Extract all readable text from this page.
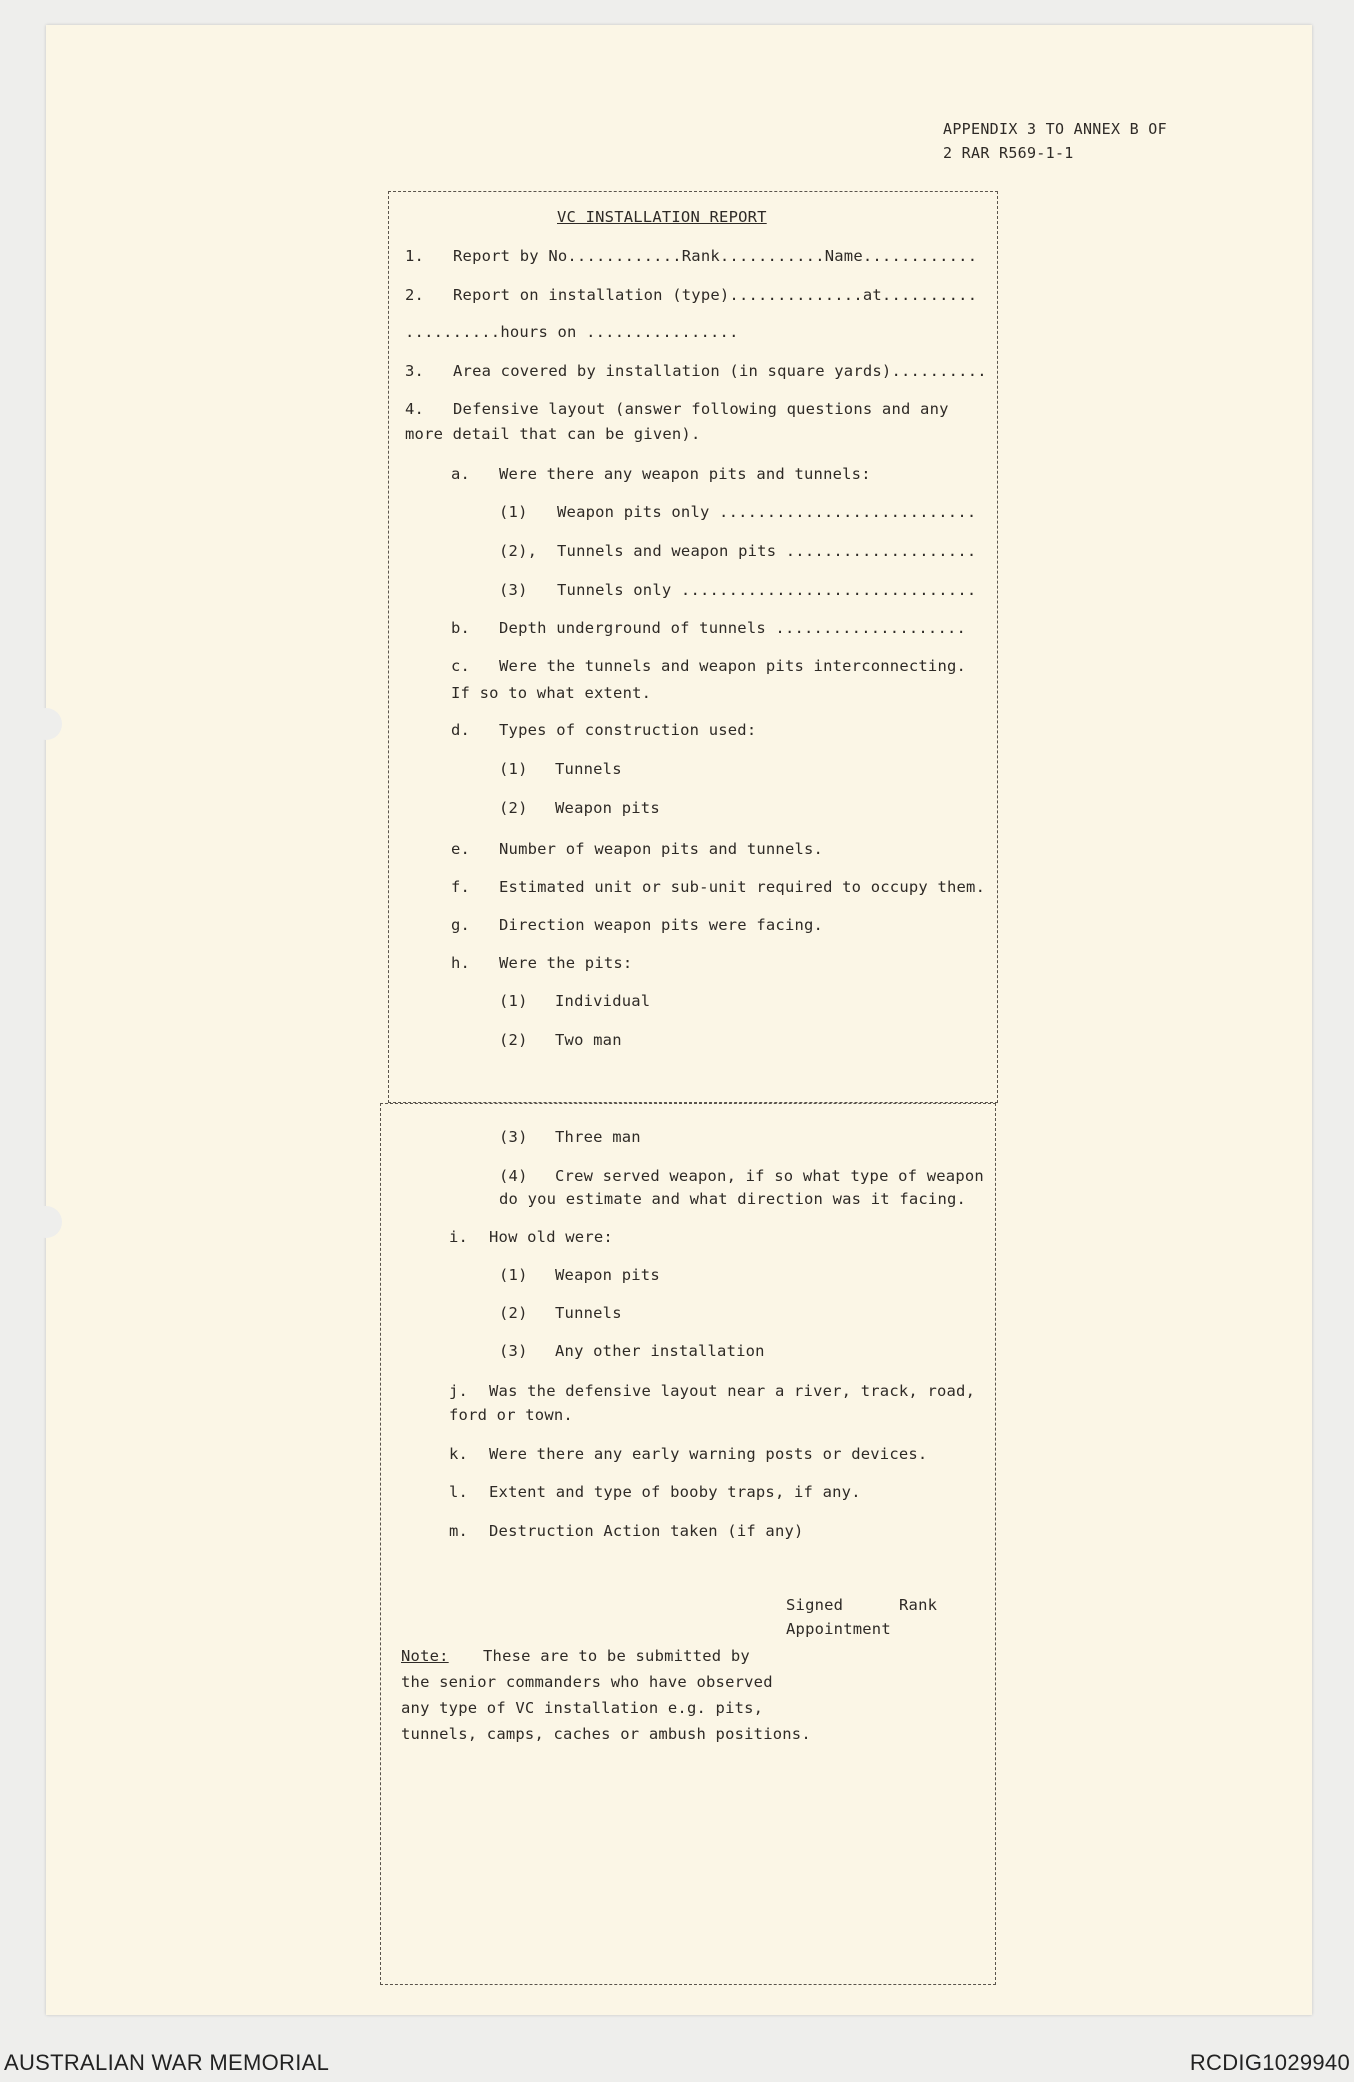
APPENDIX 3 TO ANNEX B OF
2 RAR R569-1-1
VC INSTALLATION REPORT
1. Report by No............Rank...........Name............
2. Report on installation (type)..............at..........
..........hours on ................
3. Area covered by installation (in square yards)..........
4. Defensive layout (answer following questions and any
more detail that can be given).
a. Were there any weapon pits and tunnels:
(1) Weapon pits only ...........................
(2), Tunnels and weapon pits ....................
(3) Tunnels only ...............................
b. Depth underground of tunnels ....................
c. Were the tunnels and weapon pits interconnecting.
If so to what extent.
d. Types of construction used:
(1) Tunnels
(2) Weapon pits
e. Number of weapon pits and tunnels.
f. Estimated unit or sub-unit required to occupy them.
g. Direction weapon pits were facing.
h. Were the pits:
(1) Individual
(2) Two man
(3) Three man
(4) Crew served weapon, if so what type of weapon
do you estimate and what direction was it facing.
i. How old were:
(1) Weapon pits
(2) Tunnels
(3) Any other installation
j. Was the defensive layout near a river, track, road,
ford or town.
k. Were there any early warning posts or devices.
l. Extent and type of booby traps, if any.
m. Destruction Action taken (if any)
Signed	Rank
Appointment
Note: These are to be submitted by
the senior commanders who have observed
any type of VC installation e.g. pits,
tunnels, camps, caches or ambush positions.
AUSTRALIAN WAR MEMORIAL	RCDIG1029940
